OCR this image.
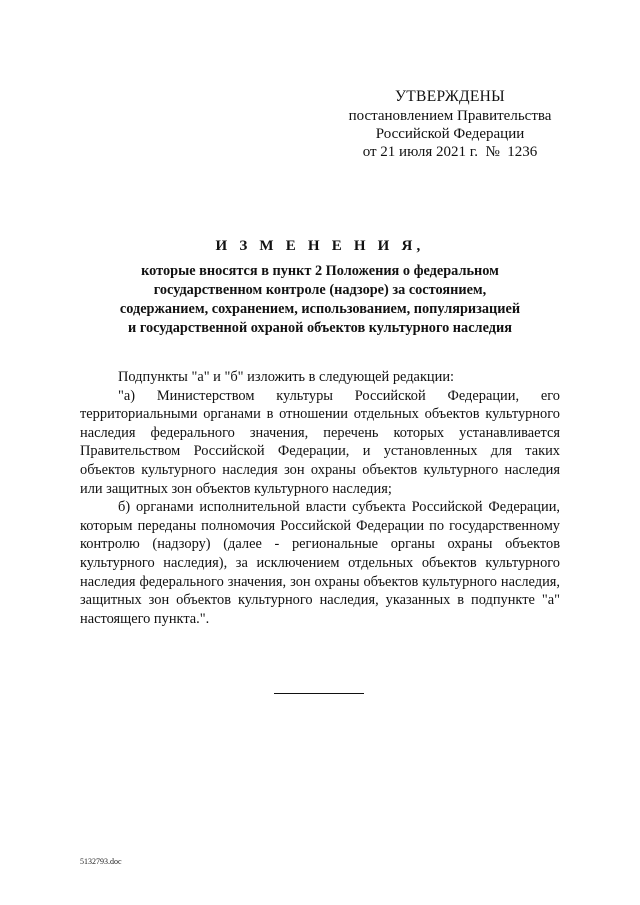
УТВЕРЖДЕНЫ
постановлением Правительства
Российской Федерации
от 21 июля 2021 г.  №  1236
И З М Е Н Е Н И Я,
которые вносятся в пункт 2 Положения о федеральном
государственном контроле (надзоре) за состоянием,
содержанием, сохранением, использованием, популяризацией
и государственной охраной объектов культурного наследия

Подпункты "а" и "б" изложить в следующей редакции:

"а) Министерством культуры Российской Федерации, его территориальными органами в отношении отдельных объектов культурного наследия федерального значения, перечень которых устанавливается Правительством Российской Федерации, и установленных для таких объектов культурного наследия зон охраны объектов культурного наследия или защитных зон объектов культурного наследия;

б) органами исполнительной власти субъекта Российской Федерации, которым переданы полномочия Российской Федерации по государственному контролю (надзору) (далее - региональные органы охраны объектов культурного наследия), за исключением отдельных объектов культурного наследия федерального значения, зон охраны объектов культурного наследия, защитных зон объектов культурного наследия, указанных в подпункте "а" настоящего пункта.".

5132793.doc
